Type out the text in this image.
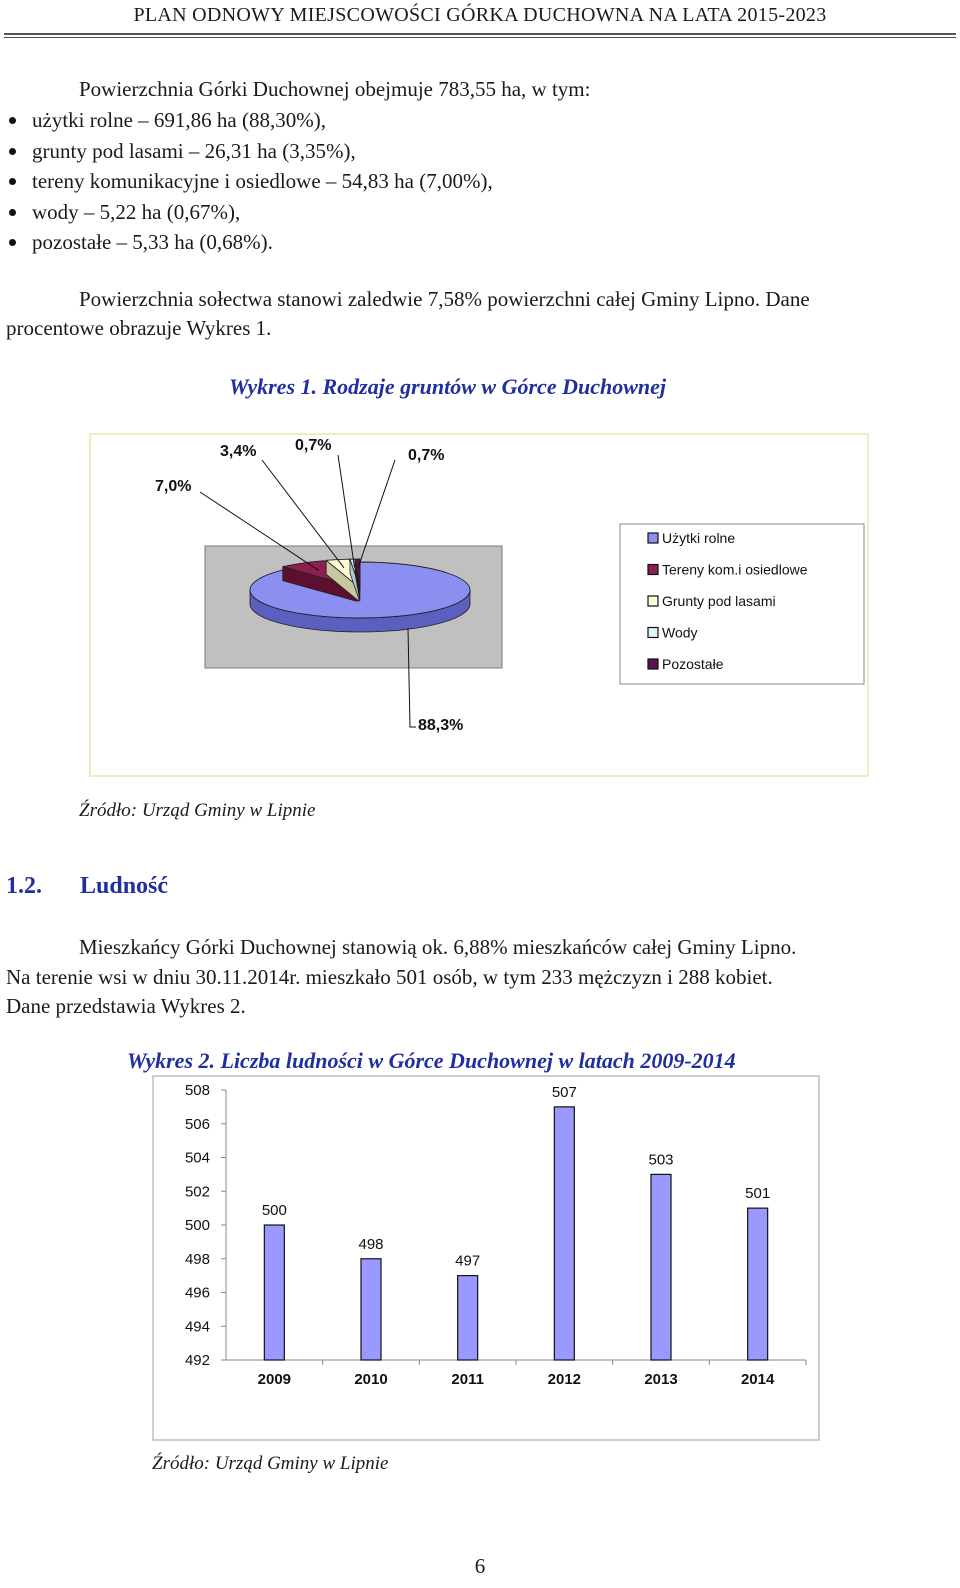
PLAN ODNOWY MIEJSCOWOŚCI GÓRKA DUCHOWNA NA LATA 2015-2023

Powierzchnia Górki Duchownej obejmuje 783,55 ha, w tym:

użytki rolne – 691,86 ha (88,30%),
grunty pod lasami – 26,31 ha (3,35%),
tereny komunikacyjne i osiedlowe – 54,83 ha (7,00%),
wody – 5,22 ha (0,67%),
pozostałe – 5,33 ha (0,68%).

Powierzchnia sołectwa stanowi zaledwie 7,58% powierzchni całej Gminy Lipno. Dane

procentowe obrazuje Wykres 1.

Wykres 1. Rodzaje gruntów w Górce Duchownej
88,3%
7,0%
3,4% 0,7%
0,7%
Użytki rolne
Tereny kom.i osiedlowe
Grunty pod lasami
Wody
Pozostałe
Źródło: Urząd Gminy w Lipnie
1.2. Ludność

Mieszkańcy Górki Duchownej stanowią ok. 6,88% mieszkańców całej Gminy Lipno.

Na terenie wsi w dniu 30.11.2014r. mieszkało 501 osób, w tym 233 mężczyzn i 288 kobiet.

Dane przedstawia Wykres 2.

Wykres 2. Liczba ludności w Górce Duchownej w latach 2009-2014
492
494
496
498
500
502
504
506
508
500
2009
498
2010
497
2011
507
2012
503
2013
501
2014
Źródło: Urząd Gminy w Lipnie
6
